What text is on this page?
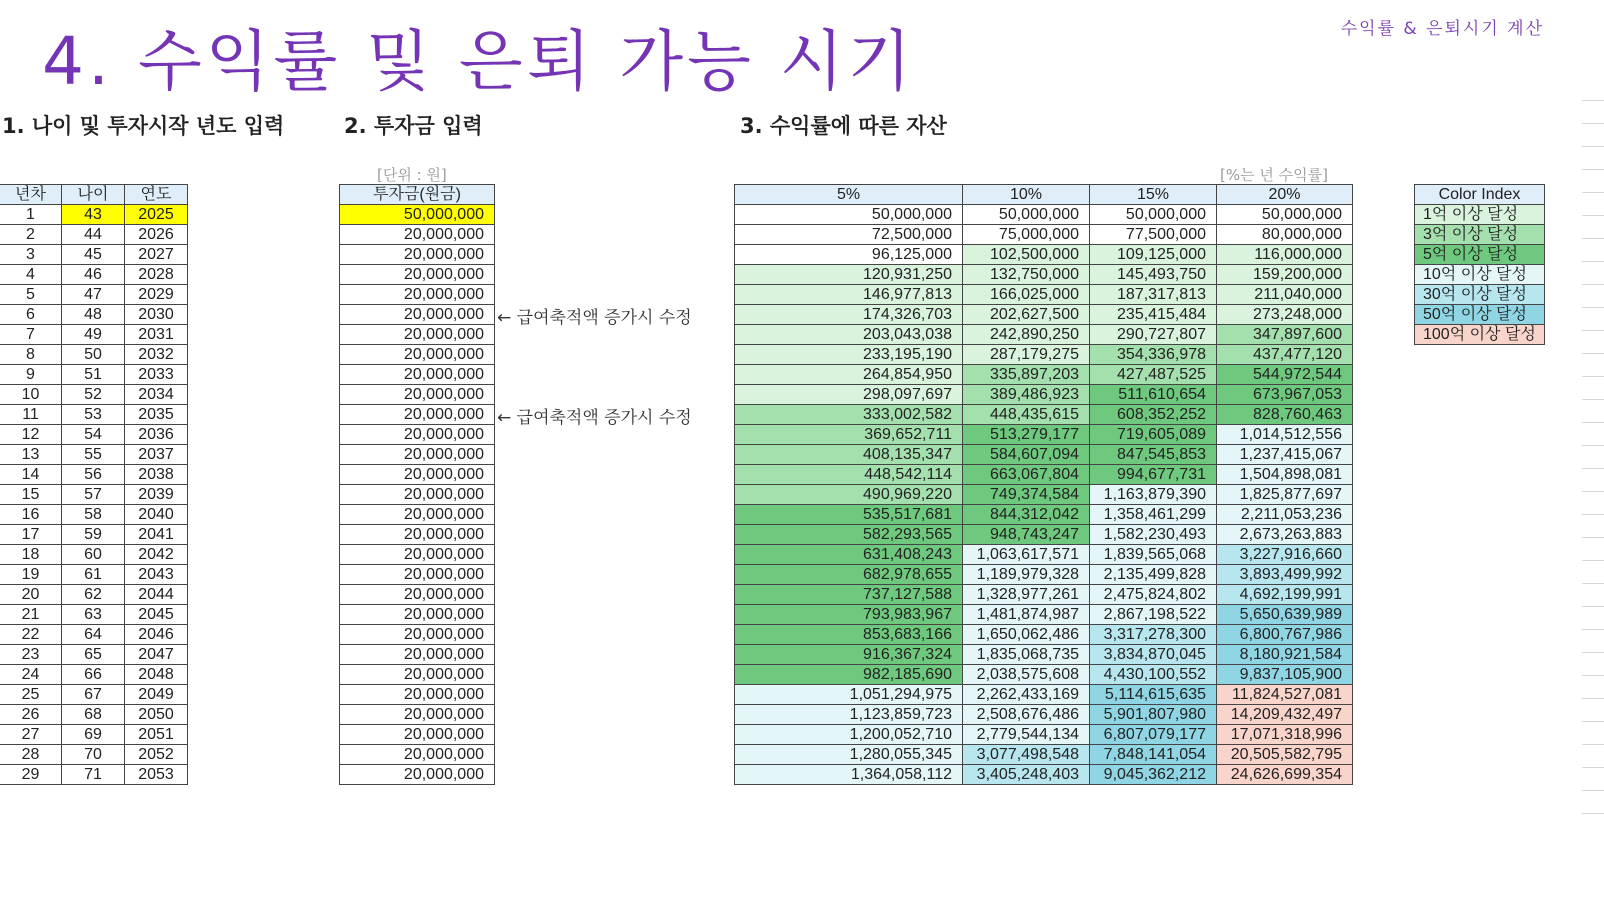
수익률 & 은퇴시기 계산
4. 수익률 및 은퇴 가능 시기
1. 나이 및 투자시작 년도 입력	2. 투자금 입력	3. 수익률에 따른 자산
[단위 : 원]	[%는 년 수익률]
← 급여축적액 증가시 수정
← 급여축적액 증가시 수정
년차	나이	연도
1	43	2025
2	44	2026
3	45	2027
4	46	2028
5	47	2029
6	48	2030
7	49	2031
8	50	2032
9	51	2033
10	52	2034
11	53	2035
12	54	2036
13	55	2037
14	56	2038
15	57	2039
16	58	2040
17	59	2041
18	60	2042
19	61	2043
20	62	2044
21	63	2045
22	64	2046
23	65	2047
24	66	2048
25	67	2049
26	68	2050
27	69	2051
28	70	2052
29	71	2053
투자금(원금)
50,000,000
20,000,000
20,000,000
20,000,000
20,000,000
20,000,000
20,000,000
20,000,000
20,000,000
20,000,000
20,000,000
20,000,000
20,000,000
20,000,000
20,000,000
20,000,000
20,000,000
20,000,000
20,000,000
20,000,000
20,000,000
20,000,000
20,000,000
20,000,000
20,000,000
20,000,000
20,000,000
20,000,000
20,000,000
5%	10%	15%	20%
50,000,000	50,000,000	50,000,000	50,000,000
72,500,000	75,000,000	77,500,000	80,000,000
96,125,000	102,500,000	109,125,000	116,000,000
120,931,250	132,750,000	145,493,750	159,200,000
146,977,813	166,025,000	187,317,813	211,040,000
174,326,703	202,627,500	235,415,484	273,248,000
203,043,038	242,890,250	290,727,807	347,897,600
233,195,190	287,179,275	354,336,978	437,477,120
264,854,950	335,897,203	427,487,525	544,972,544
298,097,697	389,486,923	511,610,654	673,967,053
333,002,582	448,435,615	608,352,252	828,760,463
369,652,711	513,279,177	719,605,089	1,014,512,556
408,135,347	584,607,094	847,545,853	1,237,415,067
448,542,114	663,067,804	994,677,731	1,504,898,081
490,969,220	749,374,584	1,163,879,390	1,825,877,697
535,517,681	844,312,042	1,358,461,299	2,211,053,236
582,293,565	948,743,247	1,582,230,493	2,673,263,883
631,408,243	1,063,617,571	1,839,565,068	3,227,916,660
682,978,655	1,189,979,328	2,135,499,828	3,893,499,992
737,127,588	1,328,977,261	2,475,824,802	4,692,199,991
793,983,967	1,481,874,987	2,867,198,522	5,650,639,989
853,683,166	1,650,062,486	3,317,278,300	6,800,767,986
916,367,324	1,835,068,735	3,834,870,045	8,180,921,584
982,185,690	2,038,575,608	4,430,100,552	9,837,105,900
1,051,294,975	2,262,433,169	5,114,615,635	11,824,527,081
1,123,859,723	2,508,676,486	5,901,807,980	14,209,432,497
1,200,052,710	2,779,544,134	6,807,079,177	17,071,318,996
1,280,055,345	3,077,498,548	7,848,141,054	20,505,582,795
1,364,058,112	3,405,248,403	9,045,362,212	24,626,699,354
Color Index
1억 이상 달성
3억 이상 달성
5억 이상 달성
10억 이상 달성
30억 이상 달성
50억 이상 달성
100억 이상 달성
